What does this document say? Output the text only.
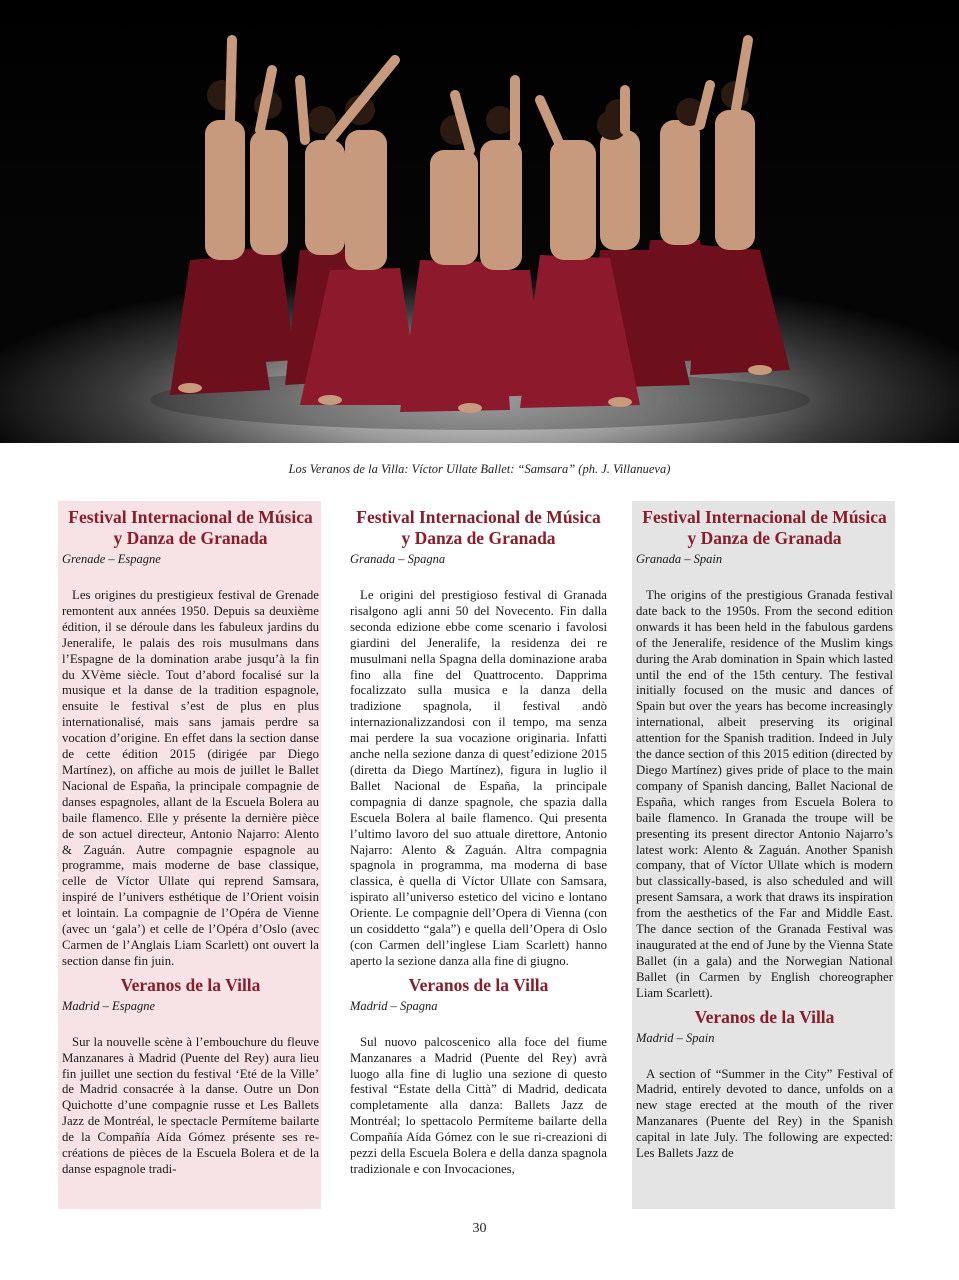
Los Veranos de la Villa: Víctor Ullate Ballet: “Samsara” (ph. J. Villanueva)
Festival Internacional de Música y Danza de Granada
Grenade – Espagne

Les origines du prestigieux festival de Grenade remontent aux années 1950. Depuis sa deuxième édition, il se déroule dans les fabuleux jardins du Jeneralife, le palais des rois musulmans dans l’Espagne de la domination arabe jusqu’à la fin du XVème siècle. Tout d’abord focalisé sur la musique et la danse de la tradition espagnole, ensuite le festival s’est de plus en plus internationalisé, mais sans jamais perdre sa vocation d’origine. En effet dans la section danse de cette édition 2015 (dirigée par Diego Martínez), on affiche au mois de juillet le Ballet Nacional de España, la principale compagnie de danses espagnoles, allant de la Escuela Bolera au baile flamenco. Elle y présente la dernière pièce de son actuel directeur, Antonio Najarro: Alento & Zaguán. Autre compagnie espagnole au programme, mais moderne de base classique, celle de Víctor Ullate qui reprend Samsara, inspiré de l’univers esthétique de l’Orient voisin et lointain. La compagnie de l’Opéra de Vienne (avec un ‘gala’) et celle de l’Opéra d’Oslo (avec Carmen de l’Anglais Liam Scarlett) ont ouvert la section danse fin juin.

Veranos de la Villa
Madrid – Espagne

Sur la nouvelle scène à l’embouchure du fleuve Manzanares à Madrid (Puente del Rey) aura lieu fin juillet une section du festival ‘Eté de la Ville’ de Madrid consacrée à la danse. Outre un Don Quichotte d’une compagnie russe et Les Ballets Jazz de Montréal, le spectacle Permíteme bailarte de la Compañía Aída Gómez présente ses re-créations de pièces de la Escuela Bolera et de la danse espagnole tradi-

Festival Internacional de Música y Danza de Granada
Granada – Spagna

Le origini del prestigioso festival di Granada risalgono agli anni 50 del Novecento. Fin dalla seconda edizione ebbe come scenario i favolosi giardini del Jeneralife, la residenza dei re musulmani nella Spagna della dominazione araba fino alla fine del Quattrocento. Dapprima focalizzato sulla musica e la danza della tradizione spagnola, il festival andò internazionalizzandosi con il tempo, ma senza mai perdere la sua vocazione originaria. Infatti anche nella sezione danza di quest’edizione 2015 (diretta da Diego Martínez), figura in luglio il Ballet Nacional de España, la principale compagnia di danze spagnole, che spazia dalla Escuela Bolera al baile flamenco. Qui presenta l’ultimo lavoro del suo attuale direttore, Antonio Najarro: Alento & Zaguán. Altra compagnia spagnola in programma, ma moderna di base classica, è quella di Víctor Ullate con Samsara, ispirato all’universo estetico del vicino e lontano Oriente. Le compagnie dell’Opera di Vienna (con un cosiddetto “gala”) e quella dell’Opera di Oslo (con Carmen dell’inglese Liam Scarlett) hanno aperto la sezione danza alla fine di giugno.

Veranos de la Villa
Madrid – Spagna

Sul nuovo palcoscenico alla foce del fiume Manzanares a Madrid (Puente del Rey) avrà luogo alla fine di luglio una sezione di questo festival “Estate della Città” di Madrid, dedicata completamente alla danza: Ballets Jazz de Montréal; lo spettacolo Permíteme bailarte della Compañía Aída Gómez con le sue ri-creazioni di pezzi della Escuela Bolera e della danza spagnola tradizionale e con Invocaciones,

Festival Internacional de Música y Danza de Granada
Granada – Spain

The origins of the prestigious Granada festival date back to the 1950s. From the second edition onwards it has been held in the fabulous gardens of the Jeneralife, residence of the Muslim kings during the Arab domination in Spain which lasted until the end of the 15th century. The festival initially focused on the music and dances of Spain but over the years has become increasingly international, albeit preserving its original attention for the Spanish tradition. Indeed in July the dance section of this 2015 edition (directed by Diego Martínez) gives pride of place to the main company of Spanish dancing, Ballet Nacional de España, which ranges from Escuela Bolera to baile flamenco. In Granada the troupe will be presenting its present director Antonio Najarro’s latest work: Alento & Zaguán. Another Spanish company, that of Víctor Ullate which is modern but classically-based, is also scheduled and will present Samsara, a work that draws its inspiration from the aesthetics of the Far and Middle East. The dance section of the Granada Festival was inaugurated at the end of June by the Vienna State Ballet (in a gala) and the Norwegian National Ballet (in Carmen by English choreographer Liam Scarlett).

Veranos de la Villa
Madrid – Spain

A section of “Summer in the City” Festival of Madrid, entirely devoted to dance, unfolds on a new stage erected at the mouth of the river Manzanares (Puente del Rey) in the Spanish capital in late July. The following are expected: Les Ballets Jazz de

30
